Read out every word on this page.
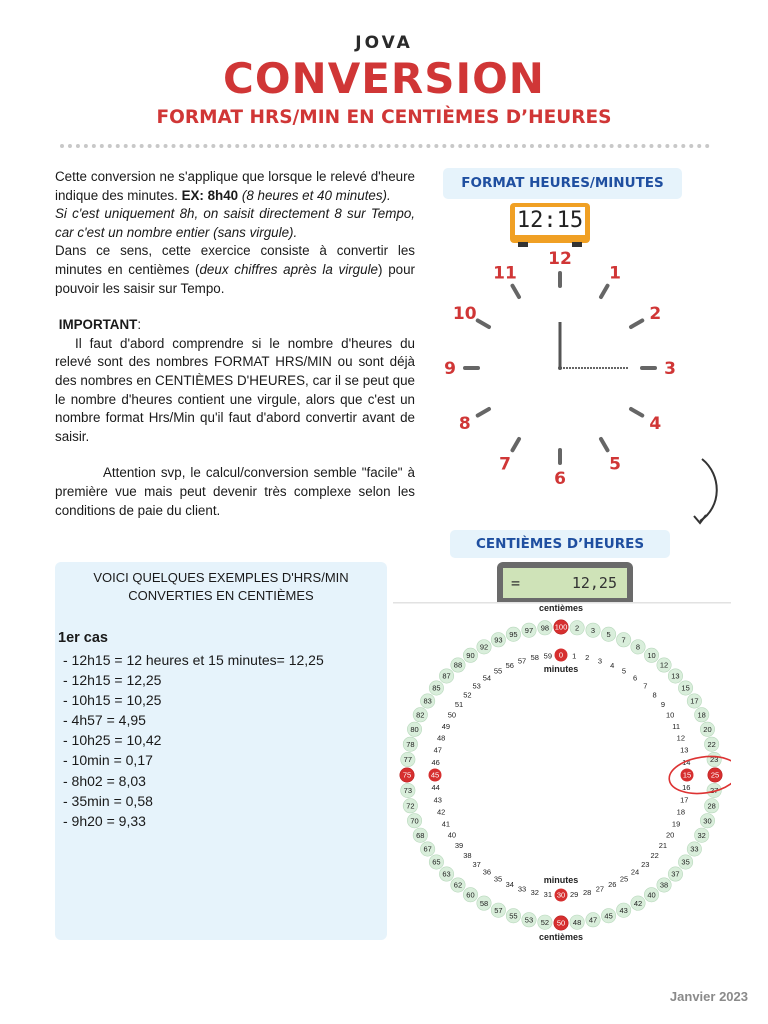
JOVA
CONVERSION
FORMAT HRS/MIN EN CENTIÈMES D’HEURES

Cette conversion ne s'applique que lorsque le relevé d'heure indique des minutes. EX: 8h40 (8 heures et 40 minutes).

Si c'est uniquement 8h, on saisit directement 8 sur Tempo, car c'est un nombre entier (sans virgule).

Dans ce sens, cette exercice consiste à convertir les minutes en centièmes (deux chiffres après la virgule) pour pouvoir les saisir sur Tempo.

IMPORTANT:

Il faut d'abord comprendre si le nombre d'heures du relevé sont des nombres FORMAT HRS/MIN ou sont déjà des nombres en CENTIÈMES D'HEURES, car il se peut que le nombre d'heures contient une virgule, alors que c'est un nombre format Hrs/Min qu'il faut d'abord convertir avant de saisir.

Attention svp, le calcul/conversion semble "facile" à première vue mais peut devenir très complexe selon les conditions de paie du client.

VOICI QUELQUES EXEMPLES D'HRS/MIN
CONVERTIES EN CENTIÈMES
1er cas
- 12h15 = 12 heures et 15 minutes= 12,25
- 12h15 = 12,25
- 10h15 = 10,25
- 4h57 = 4,95
- 10h25 = 10,42
- 10min = 0,17
- 8h02 = 8,03
- 35min = 0,58
- 9h20 = 9,33
FORMAT HEURES/MINUTES
12:15
12
1
2
3
4
5
6
7
8
9
10
11
CENTIÈMES D’HEURES
=	12,25
centièmes
minutes
minutes
centièmes
100
0
2
1
3
2
5
3
7
4
8
5
10
6
12
7
13
8
15
9	17
10	18
11	20
12
22
13
23
14
25
15
27
16
28
17
30
18
32
19
33
20
35
21
37
22
38
23
40
24
42
25
43
26
45
27
47
28
48
29
50
30
52
31
53
32
55
33
57
34
58
35
60
36
62
37
63
38
65
39
67
40
68
41
70
42
72
43
73	44
75	45
77	46
78
47
80
48
82
49
83
50
85
51
87
52
88
53
90
54
92
55
93
56
95
57
97
58
98
59
Janvier 2023
